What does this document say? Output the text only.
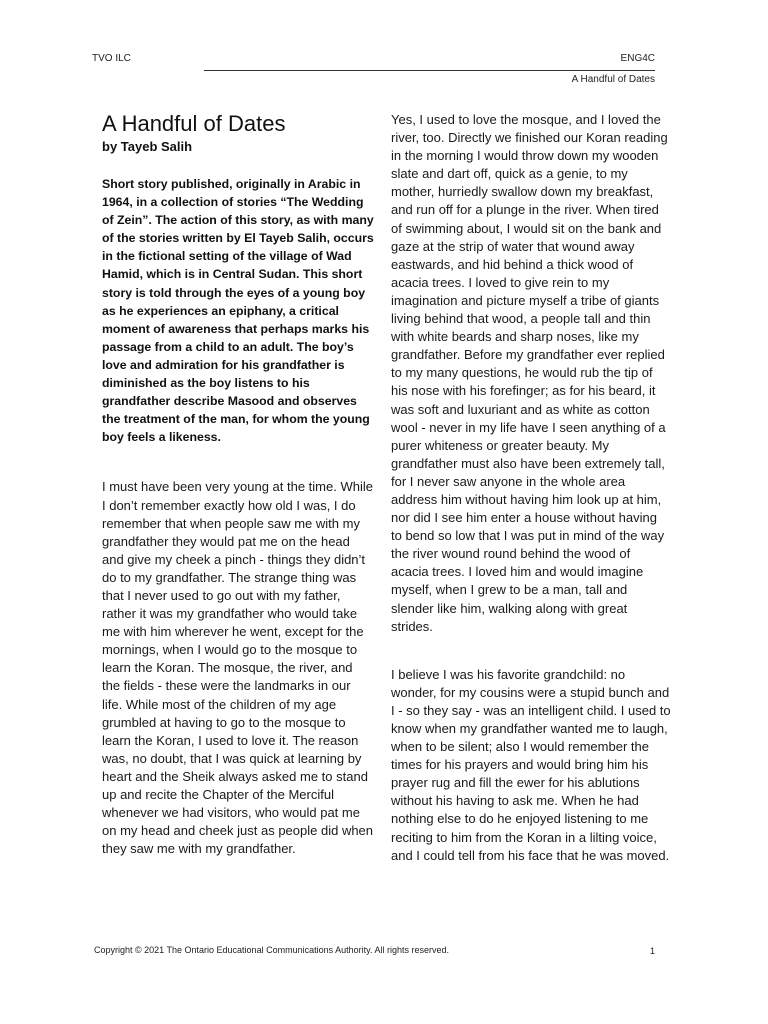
TVO ILC	ENG4C
A Handful of Dates
A Handful of Dates
by Tayeb Salih

Short story published, originally in Arabic in 1964, in a collection of stories “The Wedding of Zein”. The action of this story, as with many of the stories written by El Tayeb Salih, occurs in the fictional setting of the village of Wad Hamid, which is in Central Sudan. This short story is told through the eyes of a young boy as he experiences an epiphany, a critical moment of awareness that perhaps marks his passage from a child to an adult. The boy’s love and admiration for his grandfather is diminished as the boy listens to his grandfather describe Masood and observes the treatment of the man, for whom the young boy feels a likeness.

I must have been very young at the time. While I don’t remember exactly how old I was, I do remember that when people saw me with my grandfather they would pat me on the head and give my cheek a pinch - things they didn’t do to my grandfather. The strange thing was that I never used to go out with my father, rather it was my grandfather who would take me with him wherever he went, except for the mornings, when I would go to the mosque to learn the Koran. The mosque, the river, and the fields - these were the landmarks in our life. While most of the children of my age grumbled at having to go to the mosque to learn the Koran, I used to love it. The reason was, no doubt, that I was quick at learning by heart and the Sheik always asked me to stand up and recite the Chapter of the Merciful whenever we had visitors, who would pat me on my head and cheek just as people did when they saw me with my grandfather.

Yes, I used to love the mosque, and I loved the river, too. Directly we finished our Koran reading in the morning I would throw down my wooden slate and dart off, quick as a genie, to my mother, hurriedly swallow down my breakfast, and run off for a plunge in the river. When tired of swimming about, I would sit on the bank and gaze at the strip of water that wound away eastwards, and hid behind a thick wood of acacia trees. I loved to give rein to my imagination and picture myself a tribe of giants living behind that wood, a people tall and thin with white beards and sharp noses, like my grandfather. Before my grandfather ever replied to my many questions, he would rub the tip of his nose with his forefinger; as for his beard, it was soft and luxuriant and as white as cotton wool - never in my life have I seen anything of a purer whiteness or greater beauty. My grandfather must also have been extremely tall, for I never saw anyone in the whole area address him without having him look up at him, nor did I see him enter a house without having to bend so low that I was put in mind of the way the river wound round behind the wood of acacia trees. I loved him and would imagine myself, when I grew to be a man, tall and slender like him, walking along with great strides.

I believe I was his favorite grandchild: no wonder, for my cousins were a stupid bunch and I - so they say - was an intelligent child. I used to know when my grandfather wanted me to laugh, when to be silent; also I would remember the times for his prayers and would bring him his prayer rug and fill the ewer for his ablutions without his having to ask me. When he had nothing else to do he enjoyed listening to me reciting to him from the Koran in a lilting voice, and I could tell from his face that he was moved.

Copyright © 2021 The Ontario Educational Communications Authority. All rights reserved.	1
